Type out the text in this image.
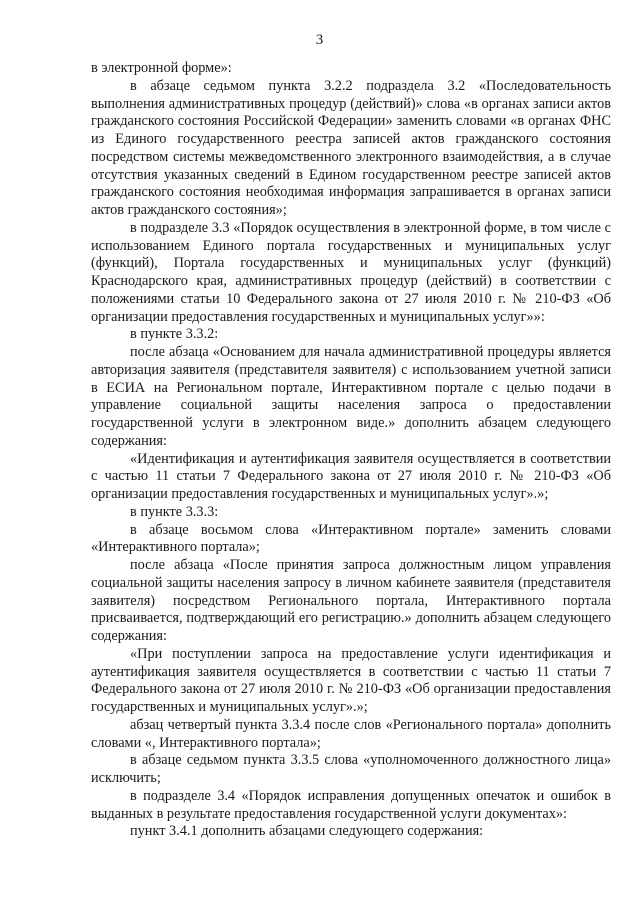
3

в электронной форме»:

в абзаце седьмом пункта 3.2.2 подраздела 3.2 «Последовательность выполнения административных процедур (действий)» слова «в органах записи актов гражданского состояния Российской Федерации» заменить словами «в органах ФНС из Единого государственного реестра записей актов гражданского состояния посредством системы межведомственного электронного взаимодействия, а в случае отсутствия указанных сведений в Едином государственном реестре записей актов гражданского состояния необходимая информация запрашивается в органах записи актов гражданского состояния»;

в подразделе 3.3 «Порядок осуществления в электронной форме, в том числе с использованием Единого портала государственных и муниципальных услуг (функций), Портала государственных и муниципальных услуг (функций) Краснодарского края, административных процедур (действий) в соответствии с положениями статьи 10 Федерального закона от 27 июля 2010 г. № 210-ФЗ «Об организации предоставления государственных и муниципальных услуг»»:

в пункте 3.3.2:

после абзаца «Основанием для начала административной процедуры является авторизация заявителя (представителя заявителя) с использованием учетной записи в ЕСИА на Региональном портале, Интерактивном портале с целью подачи в управление социальной защиты населения запроса о предоставлении государственной услуги в электронном виде.» дополнить абзацем следующего содержания:

«Идентификация и аутентификация заявителя осуществляется в соответствии с частью 11 статьи 7 Федерального закона от 27 июля 2010 г. № 210-ФЗ «Об организации предоставления государственных и муниципальных услуг».»;

в пункте 3.3.3:

в абзаце восьмом слова «Интерактивном портале» заменить словами «Интерактивного портала»;

после абзаца «После принятия запроса должностным лицом управления социальной защиты населения запросу в личном кабинете заявителя (представителя заявителя) посредством Регионального портала, Интерактивного портала присваивается, подтверждающий его регистрацию.» дополнить абзацем следующего содержания:

«При поступлении запроса на предоставление услуги идентификация и аутентификация заявителя осуществляется в соответствии с частью 11 статьи 7 Федерального закона от 27 июля 2010 г. № 210-ФЗ «Об организации предоставления государственных и муниципальных услуг».»;

абзац четвертый пункта 3.3.4 после слов «Регионального портала» дополнить словами «, Интерактивного портала»;

в абзаце седьмом пункта 3.3.5 слова «уполномоченного должностного лица» исключить;

в подразделе 3.4 «Порядок исправления допущенных опечаток и ошибок в выданных в результате предоставления государственной услуги документах»:

пункт 3.4.1 дополнить абзацами следующего содержания:
